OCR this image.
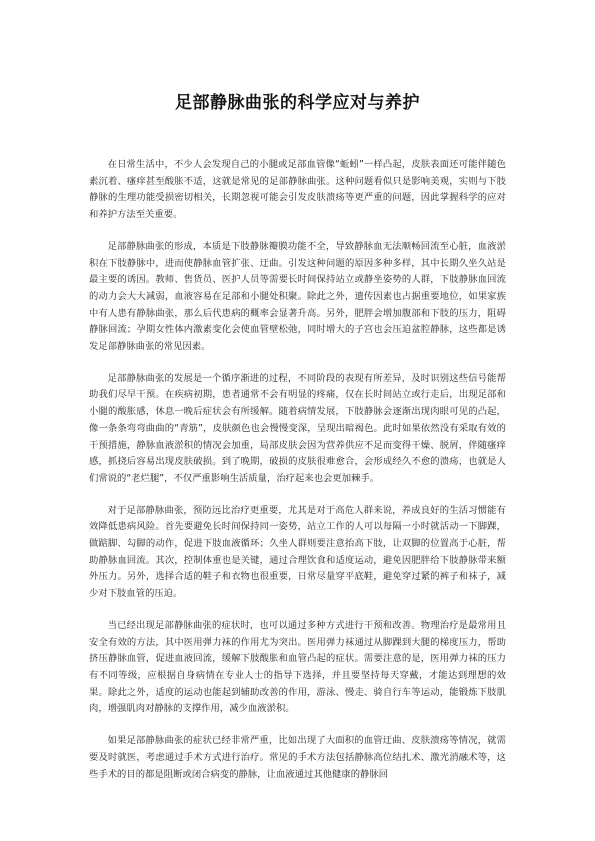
足部静脉曲张的科学应对与养护

在日常生活中，不少人会发现自己的小腿或足部血管像“蚯蚓”一样凸起，皮肤表面还可能伴随色素沉着、瘙痒甚至酸胀不适，这就是常见的足部静脉曲张。这种问题看似只是影响美观，实则与下肢静脉的生理功能受损密切相关，长期忽视可能会引发皮肤溃疡等更严重的问题，因此掌握科学的应对和养护方法至关重要。

足部静脉曲张的形成，本质是下肢静脉瓣膜功能不全，导致静脉血无法顺畅回流至心脏，血液淤积在下肢静脉中，进而使静脉血管扩张、迂曲。引发这种问题的原因多种多样，其中长期久坐久站是最主要的诱因。教师、售货员、医护人员等需要长时间保持站立或静坐姿势的人群，下肢静脉血回流的动力会大大减弱，血液容易在足部和小腿处积聚。除此之外，遗传因素也占据重要地位，如果家族中有人患有静脉曲张，那么后代患病的概率会显著升高。另外，肥胖会增加腹部和下肢的压力，阻碍静脉回流；孕期女性体内激素变化会使血管壁松弛，同时增大的子宫也会压迫盆腔静脉，这些都是诱发足部静脉曲张的常见因素。

足部静脉曲张的发展是一个循序渐进的过程，不同阶段的表现有所差异，及时识别这些信号能帮助我们尽早干预。在疾病初期，患者通常不会有明显的疼痛，仅在长时间站立或行走后，出现足部和小腿的酸胀感，休息一晚后症状会有所缓解。随着病情发展，下肢静脉会逐渐出现肉眼可见的凸起，像一条条弯弯曲曲的“青筋”，皮肤颜色也会慢慢变深，呈现出暗褐色。此时如果依然没有采取有效的干预措施，静脉血液淤积的情况会加重，局部皮肤会因为营养供应不足而变得干燥、脱屑，伴随瘙痒感，抓挠后容易出现皮肤破损。到了晚期，破损的皮肤很难愈合，会形成经久不愈的溃疡，也就是人们常说的“老烂腿”，不仅严重影响生活质量，治疗起来也会更加棘手。

对于足部静脉曲张，预防远比治疗更重要，尤其是对于高危人群来说，养成良好的生活习惯能有效降低患病风险。首先要避免长时间保持同一姿势，站立工作的人可以每隔一小时就活动一下脚踝，做踮脚、勾脚的动作，促进下肢血液循环；久坐人群则要注意抬高下肢，让双脚的位置高于心脏，帮助静脉血回流。其次，控制体重也是关键，通过合理饮食和适度运动，避免因肥胖给下肢静脉带来额外压力。另外，选择合适的鞋子和衣物也很重要，日常尽量穿平底鞋，避免穿过紧的裤子和袜子，减少对下肢血管的压迫。

当已经出现足部静脉曲张的症状时，也可以通过多种方式进行干预和改善。物理治疗是最常用且安全有效的方法，其中医用弹力袜的作用尤为突出。医用弹力袜通过从脚踝到大腿的梯度压力，帮助挤压静脉血管，促进血液回流，缓解下肢酸胀和血管凸起的症状。需要注意的是，医用弹力袜的压力有不同等级，应根据自身病情在专业人士的指导下选择，并且要坚持每天穿戴，才能达到理想的效果。除此之外，适度的运动也能起到辅助改善的作用，游泳、慢走、骑自行车等运动，能锻炼下肢肌肉，增强肌肉对静脉的支撑作用，减少血液淤积。

如果足部静脉曲张的症状已经非常严重，比如出现了大面积的血管迂曲、皮肤溃疡等情况，就需要及时就医，考虑通过手术方式进行治疗。常见的手术方法包括静脉高位结扎术、激光消融术等，这些手术的目的都是阻断或闭合病变的静脉，让血液通过其他健康的静脉回
